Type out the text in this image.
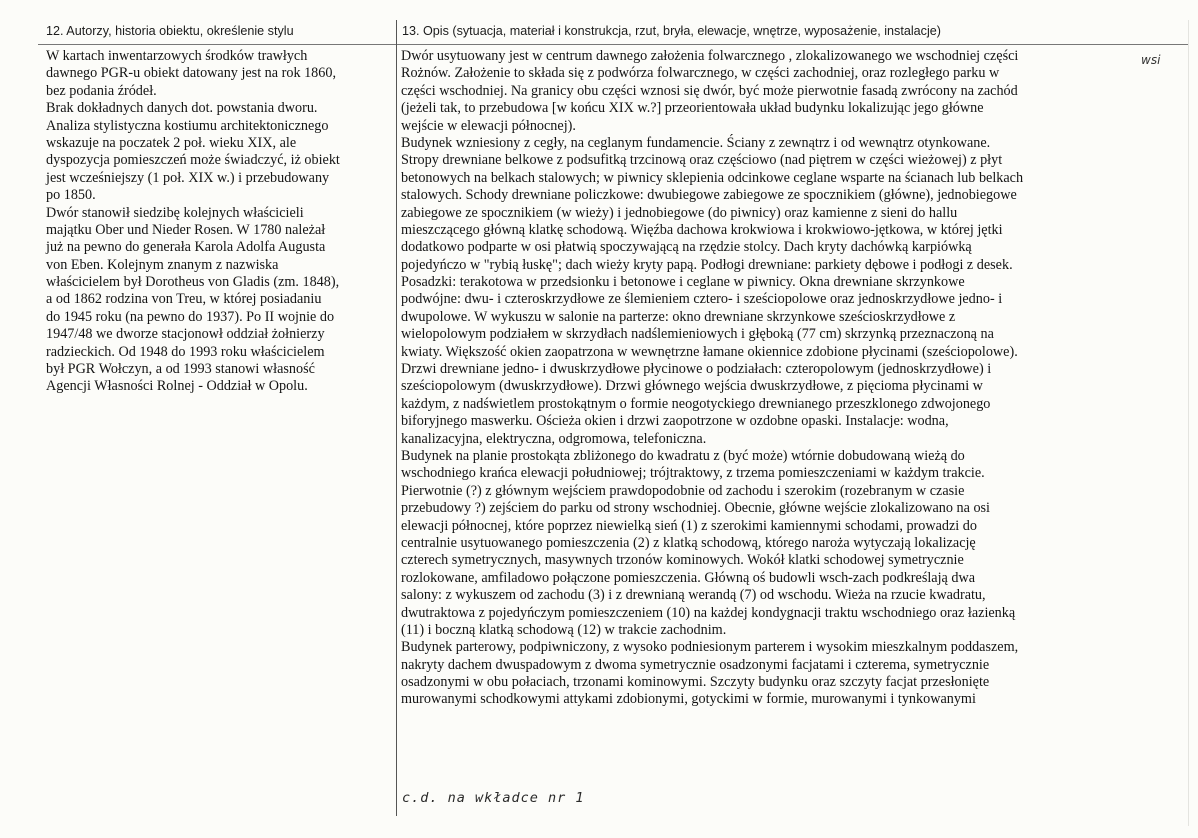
12. Autorzy, historia obiektu, określenie stylu	13. Opis (sytuacja, materiał i konstrukcja, rzut, bryła, elewacje, wnętrze, wyposażenie, instalacje)
W kartach inwentarzowych środków trawłych
dawnego PGR-u obiekt datowany jest na rok 1860,
bez podania źródeł.
Brak dokładnych danych dot. powstania dworu.
Analiza stylistyczna kostiumu architektonicznego
wskazuje na poczatek 2 poł. wieku XIX, ale
dyspozycja pomieszczeń może świadczyć, iż obiekt
jest wcześniejszy (1 poł. XIX w.) i przebudowany
po 1850.
Dwór stanowił siedzibę kolejnych właścicieli
majątku Ober und Nieder Rosen. W 1780 należał
już na pewno do generała Karola Adolfa Augusta
von Eben. Kolejnym znanym z nazwiska
właścicielem był Dorotheus von Gladis (zm. 1848),
a od 1862 rodzina von Treu, w której posiadaniu
do 1945 roku (na pewno do 1937). Po II wojnie do
1947/48 we dworze stacjonowł oddział żołnierzy
radzieckich. Od 1948 do 1993 roku właścicielem
był PGR Wołczyn, a od 1993 stanowi własność
Agencji Własności Rolnej - Oddział w Opolu.
Dwór usytuowany jest w centrum dawnego założenia folwarcznego , zlokalizowanego we wschodniej części
Rożnów. Założenie to składa się z podwórza folwarcznego, w części zachodniej, oraz rozległego parku w
części wschodniej. Na granicy obu części wznosi się dwór, być może pierwotnie fasadą zwrócony na zachód
(jeżeli tak, to przebudowa [w końcu XIX w.?] przeorientowała układ budynku lokalizując jego główne
wejście w elewacji północnej).
Budynek wzniesiony z cegły, na ceglanym fundamencie. Ściany z zewnątrz i od wewnątrz otynkowane.
Stropy drewniane belkowe z podsufitką trzcinową oraz częściowo (nad piętrem w części wieżowej) z płyt
betonowych na belkach stalowych; w piwnicy sklepienia odcinkowe ceglane wsparte na ścianach lub belkach
stalowych. Schody drewniane policzkowe: dwubiegowe zabiegowe ze spocznikiem (główne), jednobiegowe
zabiegowe ze spocznikiem (w wieży) i jednobiegowe (do piwnicy) oraz kamienne z sieni do hallu
mieszczącego główną klatkę schodową. Więźba dachowa krokwiowa i krokwiowo-jętkowa, w której jętki
dodatkowo podparte w osi płatwią spoczywającą na rzędzie stolcy. Dach kryty dachówką karpiówką
pojedyńczo w "rybią łuskę"; dach wieży kryty papą. Podłogi drewniane: parkiety dębowe i podłogi z desek.
Posadzki: terakotowa w przedsionku i betonowe i ceglane w piwnicy. Okna drewniane skrzynkowe
podwójne: dwu- i czteroskrzydłowe ze ślemieniem cztero- i sześciopolowe oraz jednoskrzydłowe jedno- i
dwupolowe. W wykuszu w salonie na parterze: okno drewniane skrzynkowe sześcioskrzydłowe z
wielopolowym podziałem w skrzydłach nadślemieniowych i głęboką (77 cm) skrzynką przeznaczoną na
kwiaty. Większość okien zaopatrzona w wewnętrzne łamane okiennice zdobione płycinami (sześciopolowe).
Drzwi drewniane jedno- i dwuskrzydłowe płycinowe o podziałach: czteropolowym (jednoskrzydłowe) i
sześciopolowym (dwuskrzydłowe). Drzwi głównego wejścia dwuskrzydłowe, z pięcioma płycinami w
każdym, z nadświetlem prostokątnym o formie neogotyckiego drewnianego przeszklonego zdwojonego
biforyjnego maswerku. Ościeża okien i drzwi zaopotrzone w ozdobne opaski. Instalacje: wodna,
kanalizacyjna, elektryczna, odgromowa, telefoniczna.
Budynek na planie prostokąta zbliżonego do kwadratu z (być może) wtórnie dobudowaną wieżą do
wschodniego krańca elewacji południowej; trójtraktowy, z trzema pomieszczeniami w każdym trakcie.
Pierwotnie (?) z głównym wejściem prawdopodobnie od zachodu i szerokim (rozebranym w czasie
przebudowy ?) zejściem do parku od strony wschodniej. Obecnie, główne wejście zlokalizowano na osi
elewacji północnej, które poprzez niewielką sień (1) z szerokimi kamiennymi schodami, prowadzi do
centralnie usytuowanego pomieszczenia (2) z klatką schodową, którego naroża wytyczają lokalizację
czterech symetrycznych, masywnych trzonów kominowych. Wokół klatki schodowej symetrycznie
rozlokowane, amfiladowo połączone pomieszczenia. Główną oś budowli wsch-zach podkreślają dwa
salony: z wykuszem od zachodu (3) i z drewnianą werandą (7) od wschodu. Wieża na rzucie kwadratu,
dwutraktowa z pojedyńczym pomieszczeniem (10) na każdej kondygnacji traktu wschodniego oraz łazienką
(11) i boczną klatką schodową (12) w trakcie zachodnim.
Budynek parterowy, podpiwniczony, z wysoko podniesionym parterem i wysokim mieszkalnym poddaszem,
nakryty dachem dwuspadowym z dwoma symetrycznie osadzonymi facjatami i czterema, symetrycznie
osadzonymi w obu połaciach, trzonami kominowymi. Szczyty budynku oraz szczyty facjat przesłonięte
murowanymi schodkowymi attykami zdobionymi, gotyckimi w formie, murowanymi i tynkowanymi
wsi
c.d. na wkładce nr 1
